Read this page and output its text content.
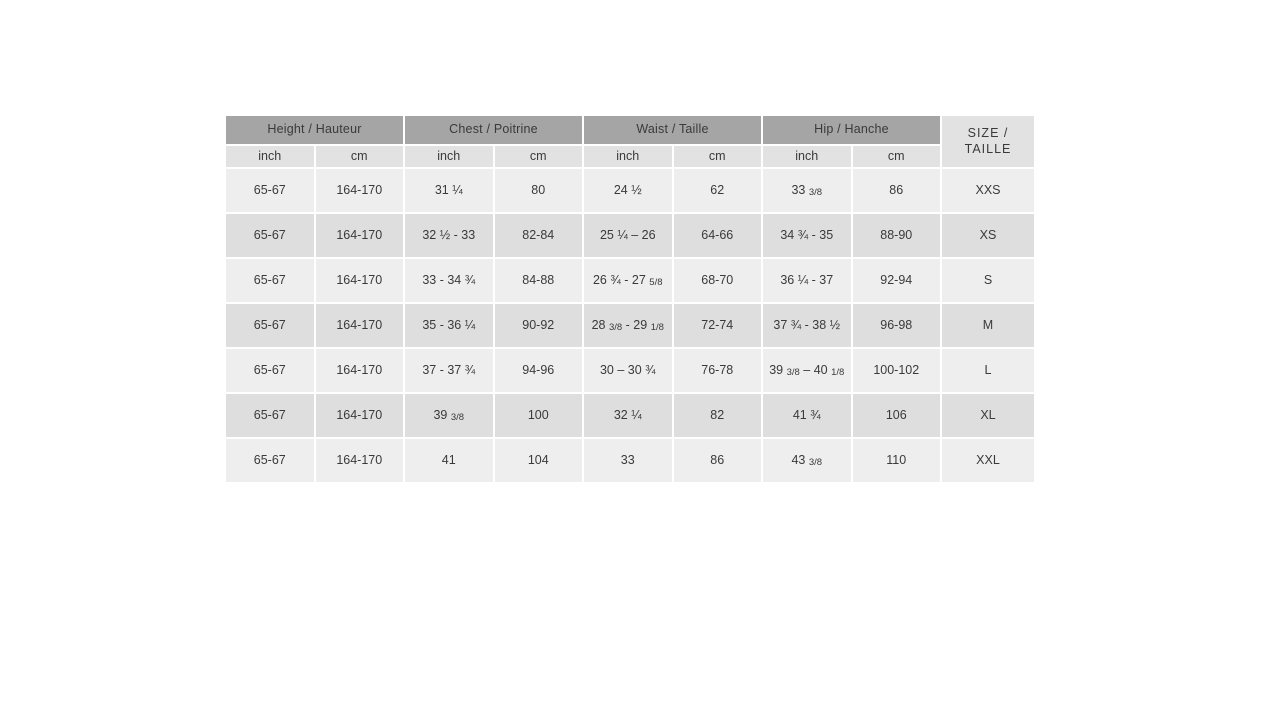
Height / Hauteur		Chest / Poitrine		Waist / Taille		Hip / Hanche		SIZE /
TAILLE
inch	cm	inch	cm	inch	cm	inch	cm	
65-67	164-170	31 ¼	80	24 ½	62	33 3/8	86	XXS
65-67	164-170	32 ½ - 33	82-84	25 ¼ – 26	64-66	34 ¾ - 35	88-90	XS
65-67	164-170	33 - 34 ¾	84-88	26 ¾ - 27 5/8	68-70	36 ¼ - 37	92-94	S
65-67	164-170	35 - 36 ¼	90-92	28 3/8 - 29 1/8	72-74	37 ¾ - 38 ½	96-98	M
65-67	164-170	37 - 37 ¾	94-96	30 – 30 ¾	76-78	39 3/8 – 40 1/8	100-102	L
65-67	164-170	39 3/8	100	32 ¼	82	41 ¾	106	XL
65-67	164-170	41	104	33	86	43 3/8	110	XXL
